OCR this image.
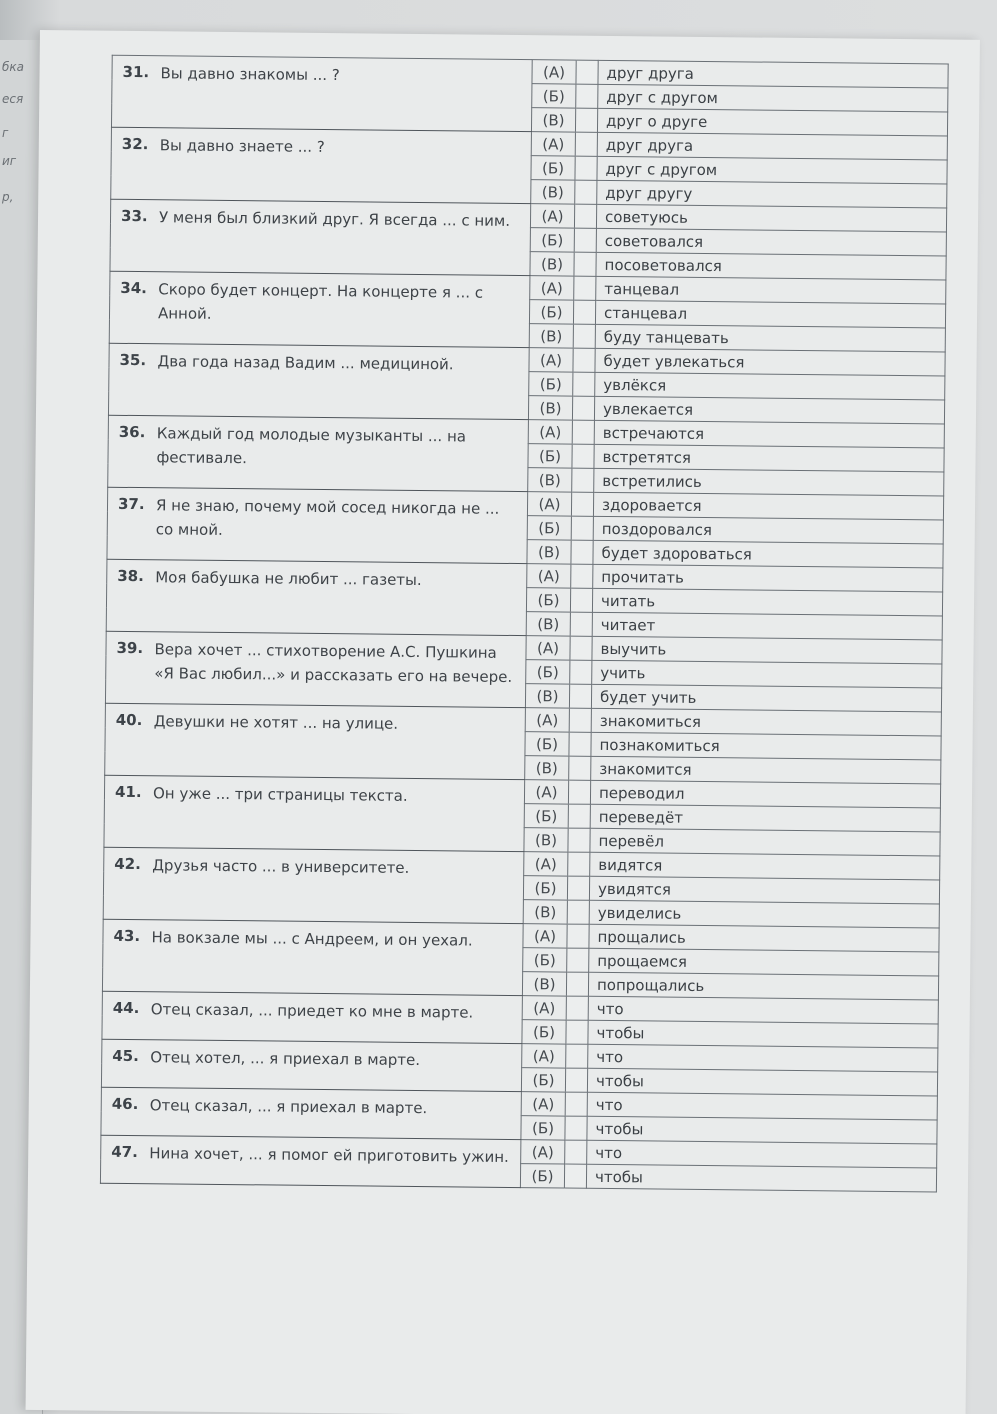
бка
еся
г
иг
р,
31. Вы давно знакомы ... ?	(А)		друг друга
	(Б)		друг с другом
	(В)		друг о друге

32. Вы давно знаете ... ?	(А)		друг друга
	(Б)		друг с другом
	(В)		друг другу

33. У меня был близкий друг. Я всегда ... с ним.	(А)		советуюсь
	(Б)		советовался
	(В)		посоветовался

34. Скоро будет концерт. На концерте я ... с Анной.	(А)		танцевал
	(Б)		станцевал
	(В)		буду танцевать

35. Два года назад Вадим ... медициной.	(А)		будет увлекаться
	(Б)		увлёкся
	(В)		увлекается

36. Каждый год молодые музыканты ... на фестивале.	(А)		встречаются
	(Б)		встретятся
	(В)		встретились

37. Я не знаю, почему мой сосед никогда не ... со мной.	(А)		здоровается
	(Б)		поздоровался
	(В)		будет здороваться

38. Моя бабушка не любит ... газеты.	(А)		прочитать
	(Б)		читать
	(В)		читает

39. Вера хочет ... стихотворение А.С. Пушкина «Я Вас любил...» и рассказать его на вечере.	(А)		выучить
	(Б)		учить
	(В)		будет учить

40. Девушки не хотят ... на улице.	(А)		знакомиться
	(Б)		познакомиться
	(В)		знакомится

41. Он уже ... три страницы текста.	(А)		переводил
	(Б)		переведёт
	(В)		перевёл

42. Друзья часто ... в университете.	(А)		видятся
	(Б)		увидятся
	(В)		увиделись

43. На вокзале мы ... с Андреем, и он уехал.	(А)		прощались
	(Б)		прощаемся
	(В)		попрощались

44. Отец сказал, ... приедет ко мне в марте.	(А)		что
	(Б)		чтобы

45. Отец хотел, ... я приехал в марте.	(А)		что
	(Б)		чтобы

46. Отец сказал, ... я приехал в марте.	(А)		что
	(Б)		чтобы

47. Нина хочет, ... я помог ей приготовить ужин.	(А)		что
	(Б)		чтобы
